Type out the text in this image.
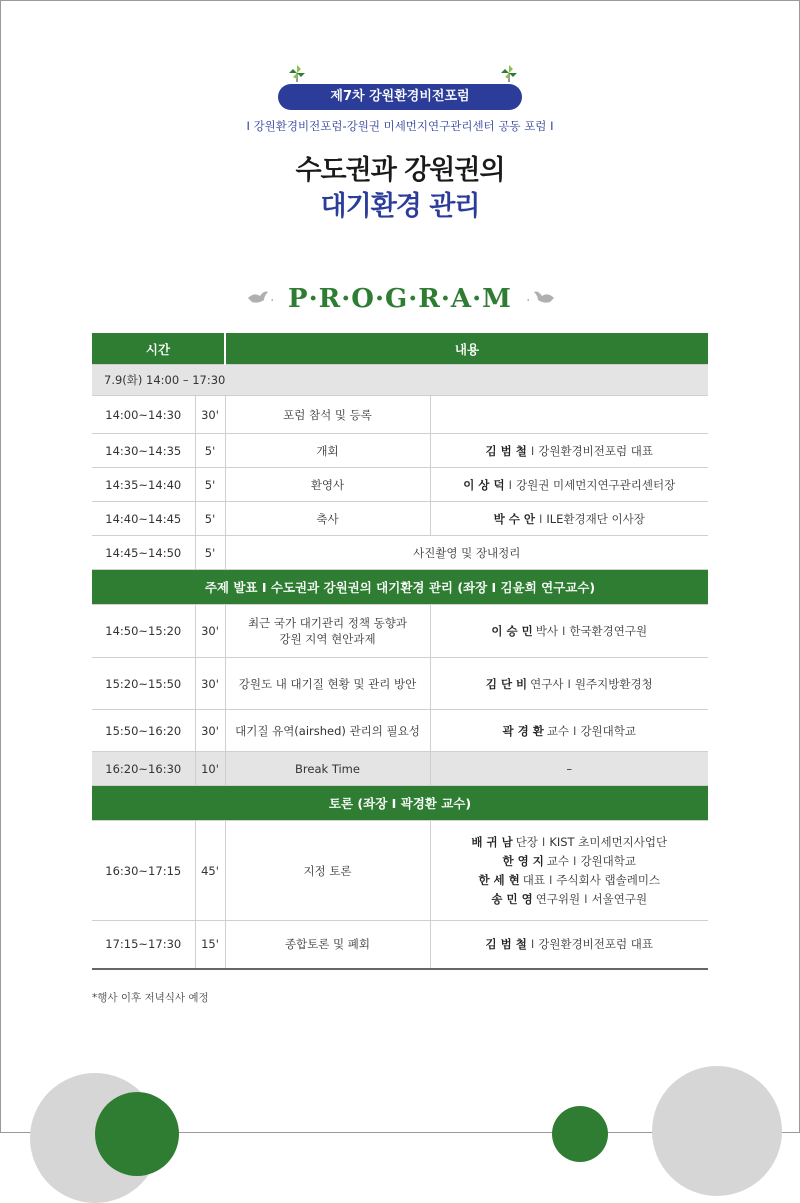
제7차 강원환경비전포럼
I 강원환경비전포럼-강원권 미세먼지연구관리센터 공동 포럼 I
수도권과 강원권의
대기환경 관리
· P·R·O·G·R·A·M	·
시간		내용	
7.9(화) 14:00 – 17:30			
14:00~14:30	30'	포럼 참석 및 등록	
14:30~14:35	5'	개회	김 범 철 I 강원환경비전포럼 대표
14:35~14:40	5'	환영사	이 상 덕 I 강원권 미세먼지연구관리센터장
14:40~14:45	5'	축사	박 수 안 I ILE환경재단 이사장
14:45~14:50	5'	사진촬영 및 장내정리	
주제 발표 I 수도권과 강원권의 대기환경 관리 (좌장 I 김윤희 연구교수)			
14:50~15:20	30'	최근 국가 대기관리 정책 동향과
강원 지역 현안과제	이 승 민 박사 I 한국환경연구원
15:20~15:50	30'	강원도 내 대기질 현황 및 관리 방안	김 단 비 연구사 I 원주지방환경청
15:50~16:20	30'	대기질 유역(airshed) 관리의 필요성	곽 경 환 교수 I 강원대학교
16:20~16:30	10'	Break Time	–
토론 (좌장 I 곽경환 교수)			
16:30~17:15	45'	지정 토론	배 귀 남 단장 I KIST 초미세먼지사업단
한 영 지 교수 I 강원대학교
한 세 현 대표 I 주식회사 랩솔레미스
송 민 영 연구위원 I 서울연구원

17:15~17:30	15'	종합토론 및 폐회	김 범 철 I 강원환경비전포럼 대표
*행사 이후 저녁식사 예정
